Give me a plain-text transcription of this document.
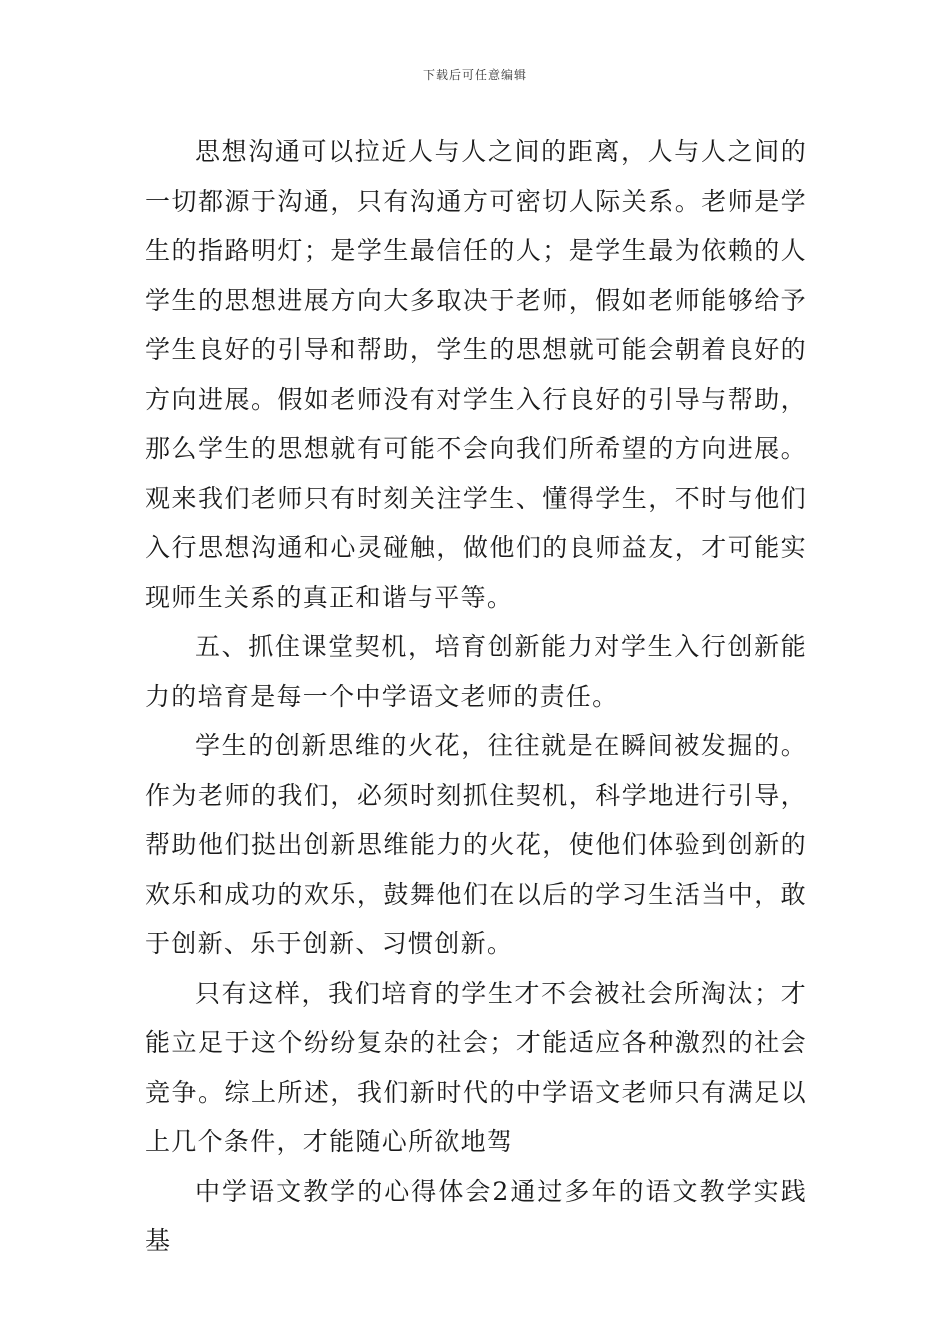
下载后可任意编辑

思想沟通可以拉近人与人之间的距离，人与人之间的一切都源于沟通，只有沟通方可密切人际关系。老师是学生的指路明灯；是学生最信任的人；是学生最为依赖的人学生的思想进展方向大多取决于老师，假如老师能够给予学生良好的引导和帮助，学生的思想就可能会朝着良好的方向进展。假如老师没有对学生入行良好的引导与帮助，那么学生的思想就有可能不会向我们所希望的方向进展。观来我们老师只有时刻关注学生、懂得学生，不时与他们入行思想沟通和心灵碰触，做他们的良师益友，才可能实现师生关系的真正和谐与平等。

五、抓住课堂契机，培育创新能力对学生入行创新能力的培育是每一个中学语文老师的责任。

学生的创新思维的火花，往往就是在瞬间被发掘的。作为老师的我们，必须时刻抓住契机，科学地进行引导，帮助他们挞出创新思维能力的火花，使他们体验到创新的欢乐和成功的欢乐，鼓舞他们在以后的学习生活当中，敢于创新、乐于创新、习惯创新。

只有这样，我们培育的学生才不会被社会所淘汰；才能立足于这个纷纷复杂的社会；才能适应各种激烈的社会竞争。综上所述，我们新时代的中学语文老师只有满足以上几个条件，才能随心所欲地驾

中学语文教学的心得体会2通过多年的语文教学实践基
